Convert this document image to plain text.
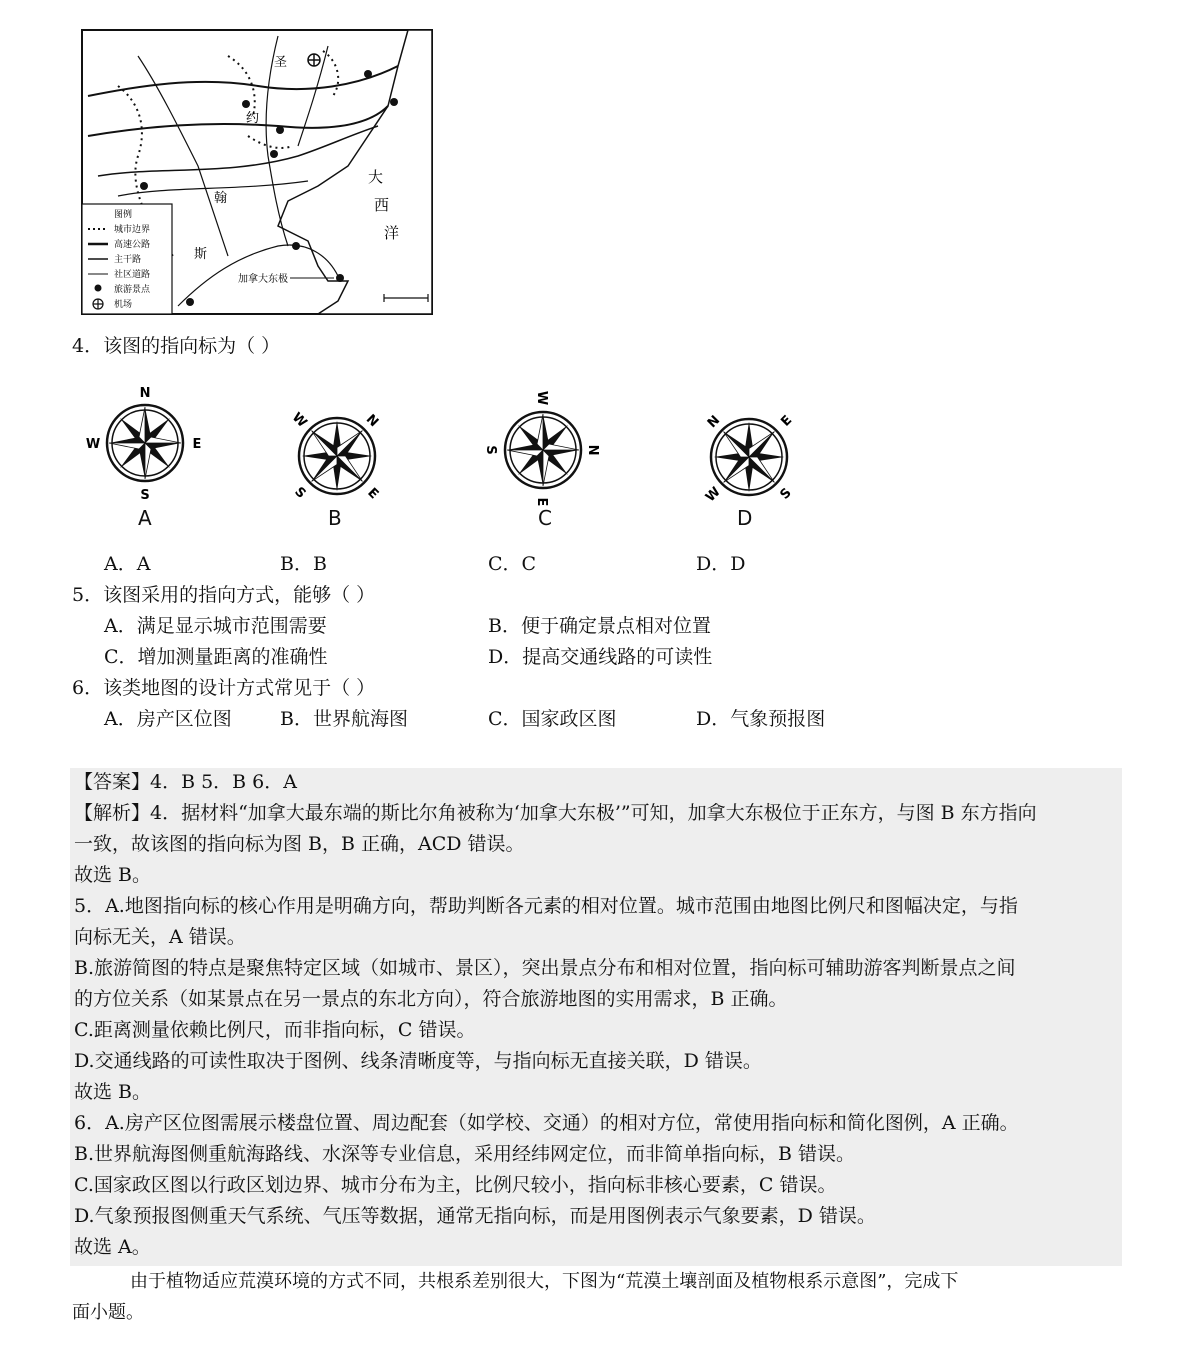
圣
约
翰
斯
大
西
洋
加拿大东极
图例
城市边界
高速公路
主干路
社区道路
旅游景点
机场
4．该图的指向标为（ ）
N
E
S
W
A
N
E
S
W
B
N
E
S
W
C
N	E
S
W
D
A．A	B．B	C．C	D．D
5．该图采用的指向方式，能够（ ）
A．满足显示城市范围需要	B．便于确定景点相对位置
C．增加测量距离的准确性	D．提高交通线路的可读性
6．该类地图的设计方式常见于（ ）
A．房产区位图	B．世界航海图	C．国家政区图	D．气象预报图
【答案】4．B 5．B 6．A
【解析】4．据材料“加拿大最东端的斯比尔角被称为‘加拿大东极’”可知，加拿大东极位于正东方，与图 B 东方指向
一致，故该图的指向标为图 B，B 正确，ACD 错误。
故选 B。
5．A.地图指向标的核心作用是明确方向，帮助判断各元素的相对位置。城市范围由地图比例尺和图幅决定，与指
向标无关，A 错误。
B.旅游简图的特点是聚焦特定区域（如城市、景区），突出景点分布和相对位置，指向标可辅助游客判断景点之间
的方位关系（如某景点在另一景点的东北方向），符合旅游地图的实用需求，B 正确。
C.距离测量依赖比例尺，而非指向标，C 错误。
D.交通线路的可读性取决于图例、线条清晰度等，与指向标无直接关联，D 错误。
故选 B。
6．A.房产区位图需展示楼盘位置、周边配套（如学校、交通）的相对方位，常使用指向标和简化图例，A 正确。
B.世界航海图侧重航海路线、水深等专业信息，采用经纬网定位，而非简单指向标，B 错误。
C.国家政区图以行政区划边界、城市分布为主，比例尺较小，指向标非核心要素，C 错误。
D.气象预报图侧重天气系统、气压等数据，通常无指向标，而是用图例表示气象要素，D 错误。
故选 A。
由于植物适应荒漠环境的方式不同，共根系差别很大，下图为“荒漠土壤剖面及植物根系示意图”，完成下
面小题。
